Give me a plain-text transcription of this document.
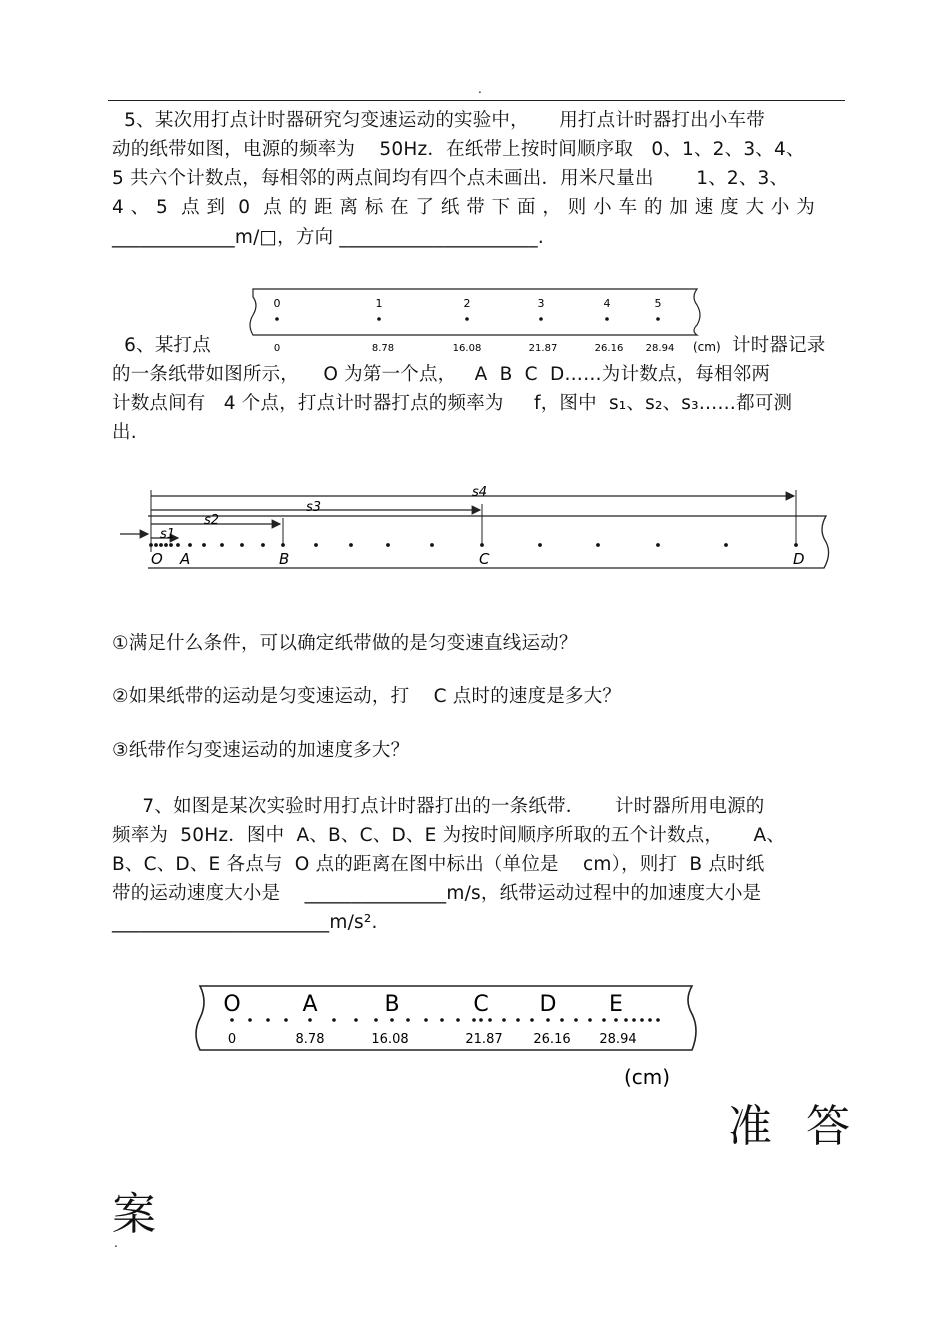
.
5、某次用打点计时器研究匀变速运动的实验中，     用打点计时器打出小车带
动的纸带如图，电源的频率为    50Hz．在纸带上按时间顺序取   0、1、2、3、4、
5 共六个计数点，每相邻的两点间均有四个点未画出．用米尺量出       1、2、3、
4 、 5  点 到  0  点 的 距 离 标 在 了 纸 带 下 面 ， 则 小 车 的 加 速 度 大 小 为
_____________m/□，方向 _____________________.
0	1	2	3	4	5
0	8.78	16.08	21.87	26.16 28.94 (cm)
6、某打点	计时器记录
的一条纸带如图所示，    O 为第一个点，   A  B  C  D……为计数点，每相邻两
计数点间有   4 个点，打点计时器打点的频率为     f，图中  s₁、s₂、s₃……都可测
出.
s4
s3
s2
s1
O A	B	C	D
①满足什么条件，可以确定纸带做的是匀变速直线运动？
②如果纸带的运动是匀变速运动，打    C 点时的速度是多大？
③纸带作匀变速运动的加速度多大？
7、如图是某次实验时用打点计时器打出的一条纸带．     计时器所用电源的
频率为  50Hz．图中  A、B、C、D、E 为按时间顺序所取的五个计数点，     A、
B、C、D、E 各点与  O 点的距离在图中标出（单位是    cm），则打  B 点时纸
带的运动速度大小是    _______________m/s，纸带运动过程中的加速度大小是
_______________________m/s².
O	A	B	C D E
0	8.78	16.08	21.87 26.16 28.94
(cm)
准 答
案
.
